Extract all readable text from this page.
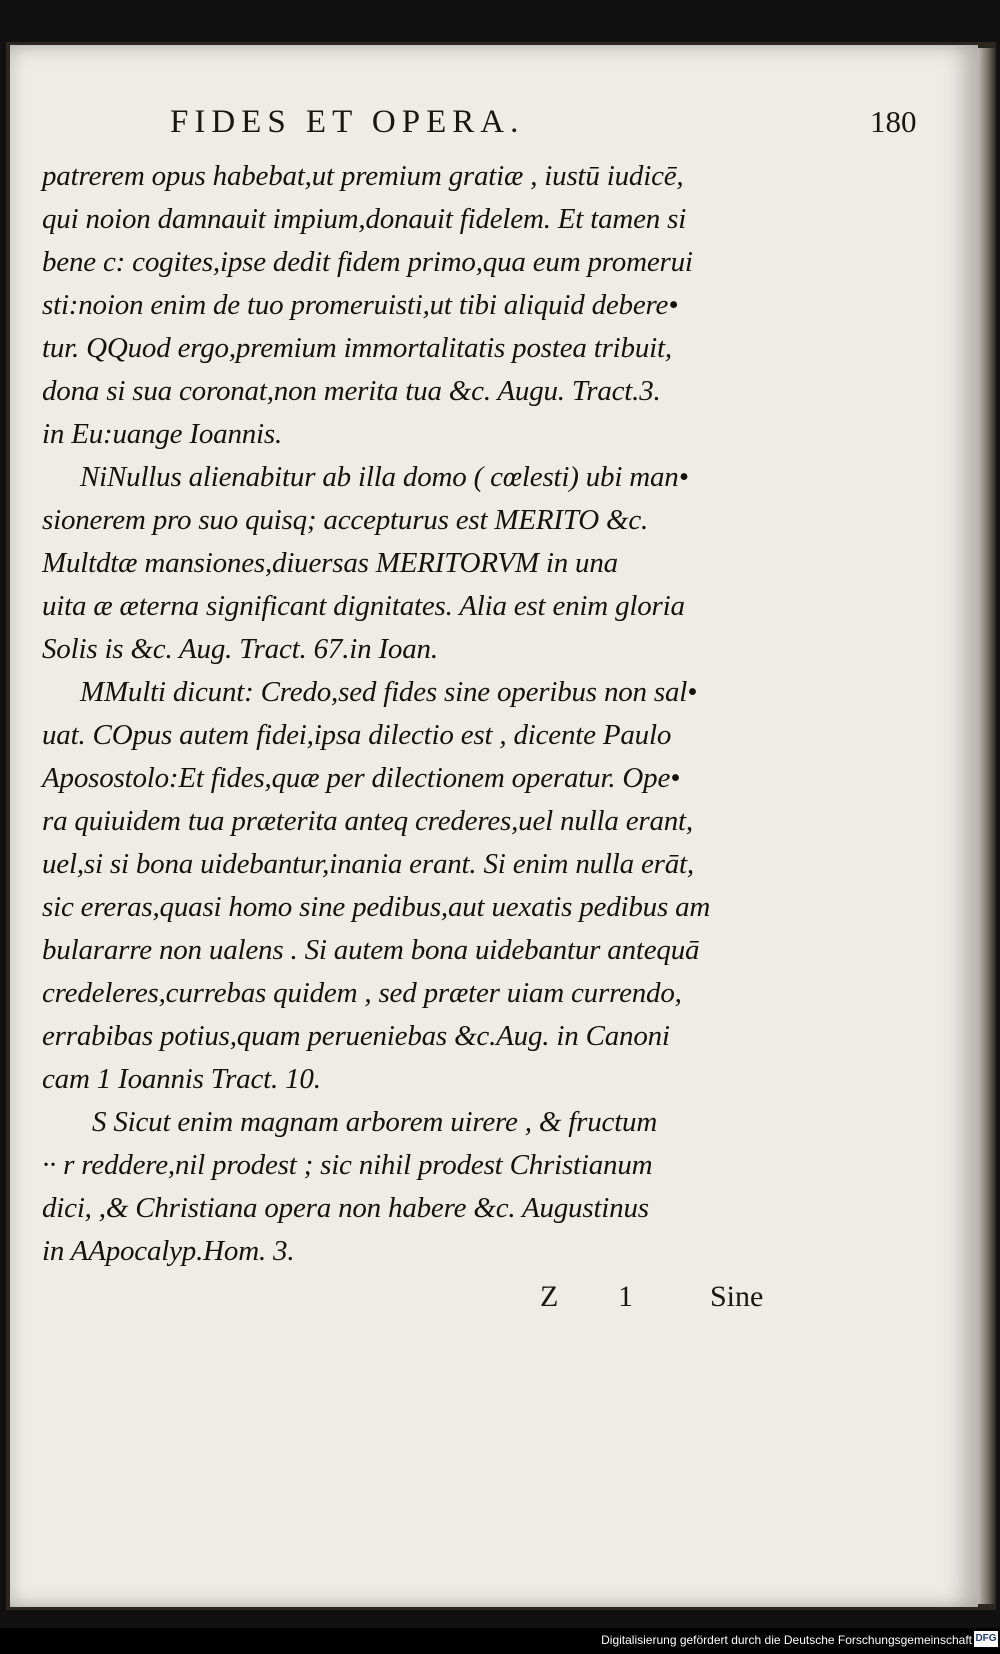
FIDES ET OPERA.	180
patrerem opus habebat,ut premium gratiæ , iustū iudicē,
qui noion damnauit impium,donauit fidelem. Et tamen si
bene c: cogites,ipse dedit fidem primo,qua eum promerui
sti:noion enim de tuo promeruisti,ut tibi aliquid debere•
tur. QQuod ergo,premium immortalitatis postea tribuit,
dona si sua coronat,non merita tua &c. Augu. Tract.3.
in Eu:uange Ioannis.
NiNullus alienabitur ab illa domo ( cœlesti) ubi man•
sionerem pro suo quisq; accepturus est MERITO &c.
Multdtæ mansiones,diuersas MERITORVM in una
uita æ æterna significant dignitates. Alia est enim gloria
Solis is &c. Aug. Tract. 67.in Ioan.
MMulti dicunt: Credo,sed fides sine operibus non sal•
uat. COpus autem fidei,ipsa dilectio est , dicente Paulo
Aposostolo:Et fides,quæ per dilectionem operatur. Ope•
ra quiuidem tua præterita anteq crederes,uel nulla erant,
uel,si si bona uidebantur,inania erant. Si enim nulla erāt,
sic ereras,quasi homo sine pedibus,aut uexatis pedibus am
bulararre non ualens . Si autem bona uidebantur antequā
credeleres,currebas quidem , sed præter uiam currendo,
errabibas potius,quam perueniebas &c.Aug. in Canoni
cam 1 Ioannis Tract. 10.
S Sicut enim magnam arborem uirere , & fructum
·· r reddere,nil prodest ; sic nihil prodest Christianum
dici, ,& Christiana opera non habere &c. Augustinus
in AApocalyp.Hom. 3.
Z 1	Sine
Digitalisierung gefördert durch die Deutsche Forschungsgemeinschaft DFG
